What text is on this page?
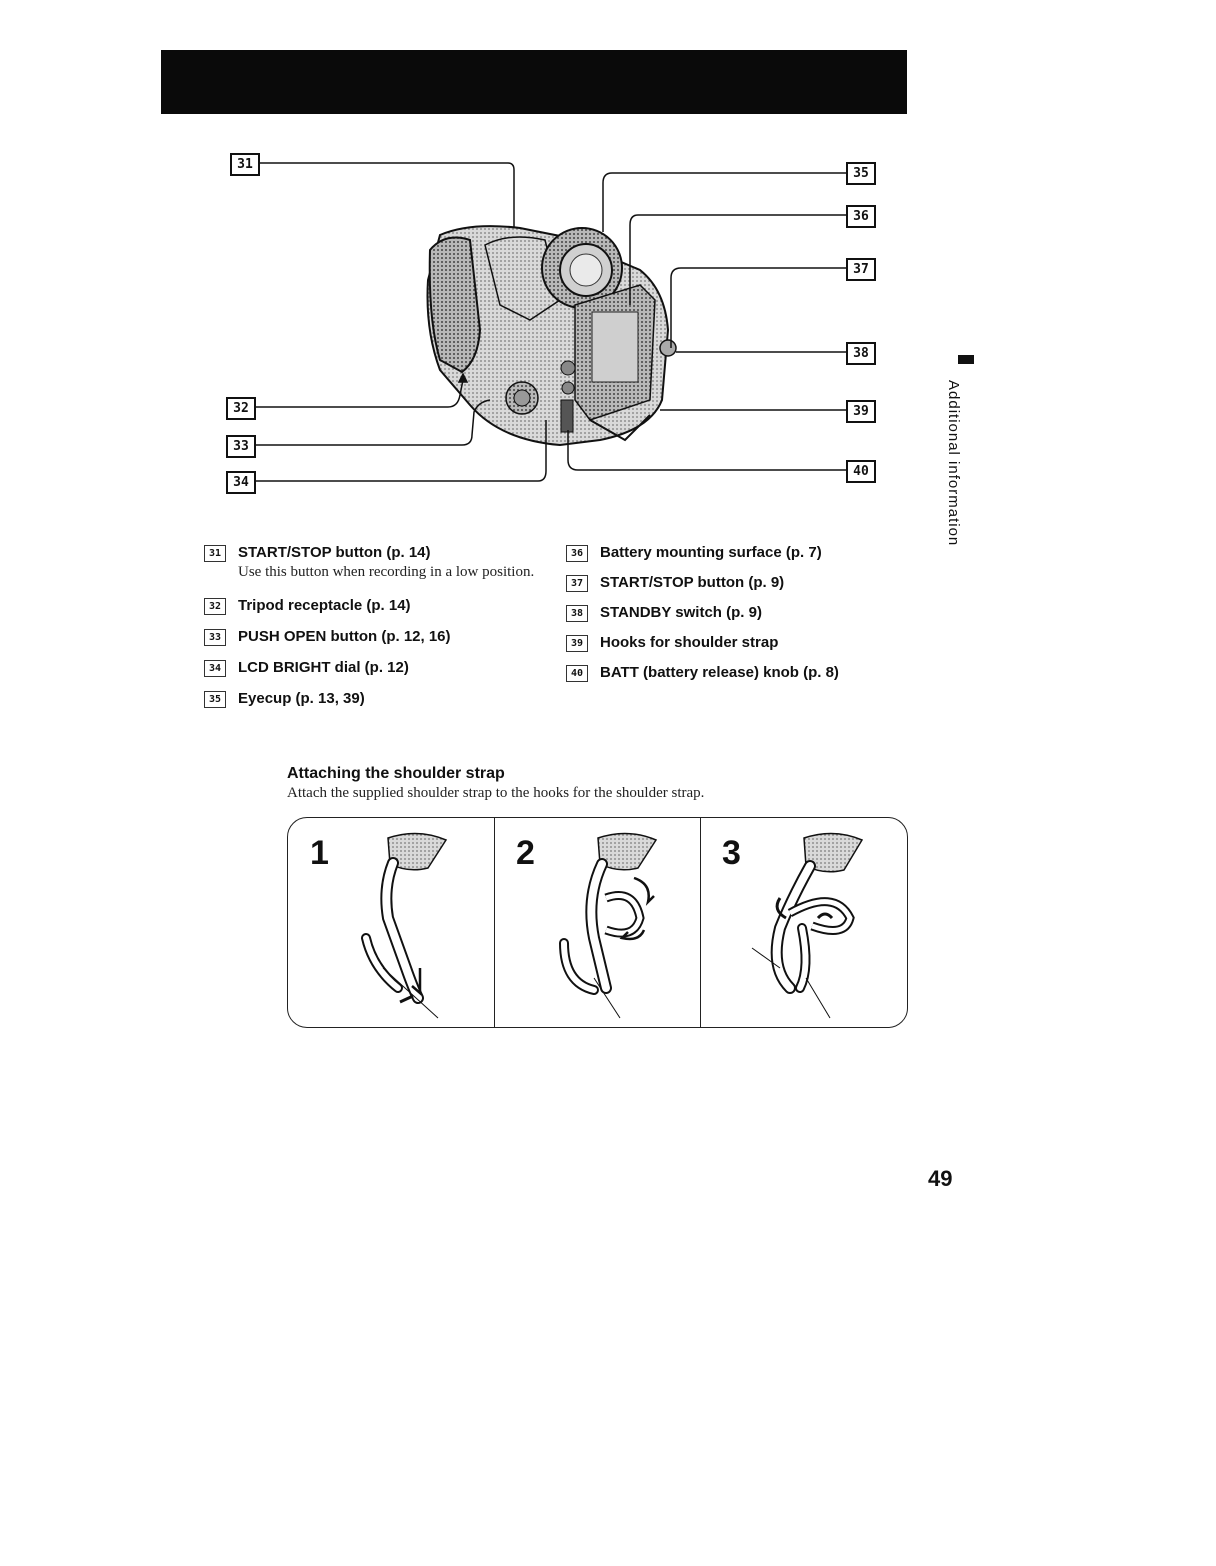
31
32
33
34
35
36
37
38
39
40	Additional information
31	START/STOP button (p. 14)
Use this button when recording in a low position.
32	Tripod receptacle (p. 14)
33	PUSH OPEN button (p. 12, 16)
34	LCD BRIGHT dial (p. 12)
35	Eyecup (p. 13, 39)
36	Battery mounting surface (p. 7)
37	START/STOP button (p. 9)
38	STANDBY switch (p. 9)
39	Hooks for shoulder strap
40	BATT (battery release) knob (p. 8)
Attaching the shoulder strap
Attach the supplied shoulder strap to the hooks for the shoulder strap.
1	2	3
49
